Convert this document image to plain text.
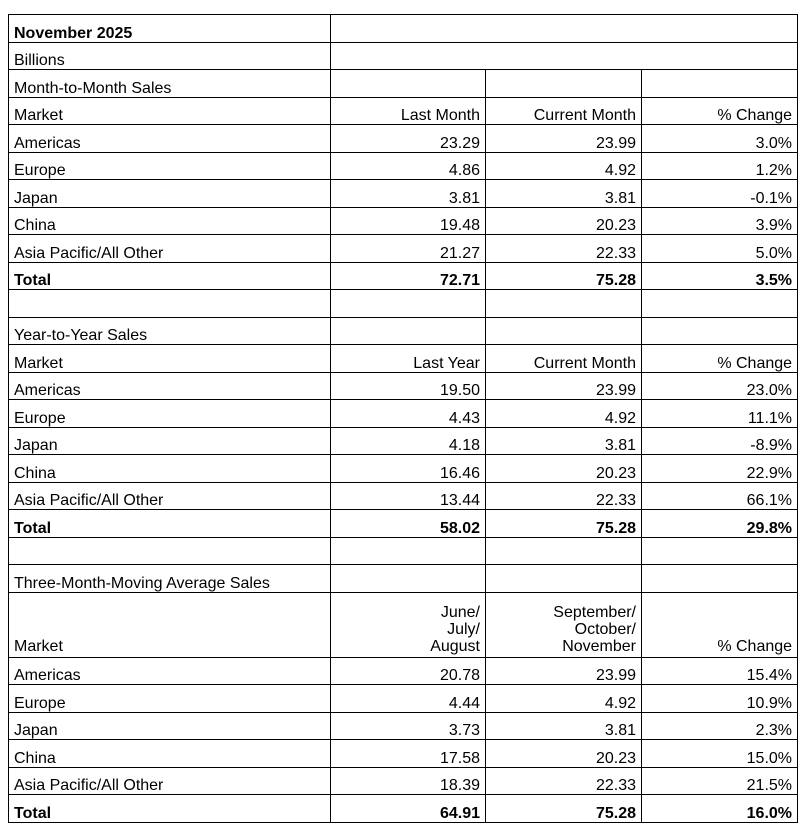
November 2025			
Billions			
Month-to-Month Sales			
Market	Last Month	Current Month	% Change
Americas	23.29	23.99	3.0%
Europe	4.86	4.92	1.2%
Japan	3.81	3.81	-0.1%
China	19.48	20.23	3.9%
Asia Pacific/All Other	21.27	22.33	5.0%
Total	72.71	75.28	3.5%

Year-to-Year Sales			
Market	Last Year	Current Month	% Change
Americas	19.50	23.99	23.0%
Europe	4.43	4.92	11.1%
Japan	4.18	3.81	-8.9%
China	16.46	20.23	22.9%
Asia Pacific/All Other	13.44	22.33	66.1%
Total	58.02	75.28	29.8%

Three-Month-Moving Average Sales			
Market	June/
July/
August	September/
October/
November	% Change
Americas	20.78	23.99	15.4%
Europe	4.44	4.92	10.9%
Japan	3.73	3.81	2.3%
China	17.58	20.23	15.0%
Asia Pacific/All Other	18.39	22.33	21.5%
Total	64.91	75.28	16.0%
